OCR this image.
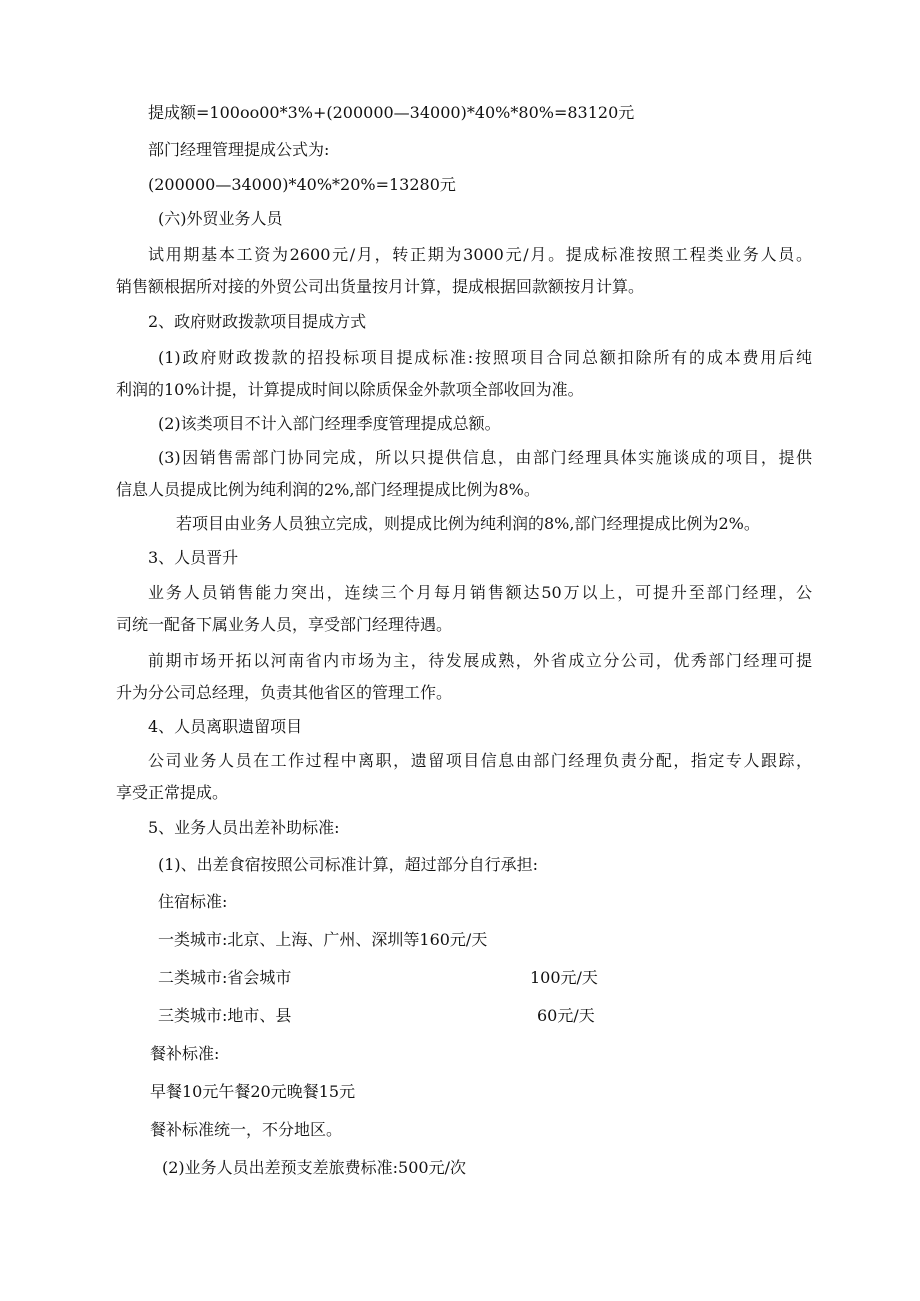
提成额=100oo00*3%+(200000—34000)*40%*80%=83120元
部门经理管理提成公式为:
(200000—34000)*40%*20%=13280元
(六)外贸业务人员
试用期基本工资为2600元/月，转正期为3000元/月。提成标准按照工程类业务人员。
销售额根据所对接的外贸公司出货量按月计算，提成根据回款额按月计算。
2、政府财政拨款项目提成方式
(1)政府财政拨款的招投标项目提成标准:按照项目合同总额扣除所有的成本费用后纯
利润的10%计提，计算提成时间以除质保金外款项全部收回为准。
(2)该类项目不计入部门经理季度管理提成总额。
(3)因销售需部门协同完成，所以只提供信息，由部门经理具体实施谈成的项目，提供
信息人员提成比例为纯利润的2%,部门经理提成比例为8%。
若项目由业务人员独立完成，则提成比例为纯利润的8%,部门经理提成比例为2%。
3、人员晋升
业务人员销售能力突出，连续三个月每月销售额达50万以上，可提升至部门经理，公
司统一配备下属业务人员，享受部门经理待遇。
前期市场开拓以河南省内市场为主，待发展成熟，外省成立分公司，优秀部门经理可提
升为分公司总经理，负责其他省区的管理工作。
4、人员离职遗留项目
公司业务人员在工作过程中离职，遗留项目信息由部门经理负责分配，指定专人跟踪，
享受正常提成。
5、业务人员出差补助标准:
(1)、出差食宿按照公司标准计算，超过部分自行承担:
住宿标准:
一类城市:北京、上海、广州、深圳等160元/天
二类城市:省会城市	100元/天
三类城市:地市、县	60元/天
餐补标准:
早餐10元午餐20元晚餐15元
餐补标准统一，不分地区。
(2)业务人员出差预支差旅费标准:500元/次
